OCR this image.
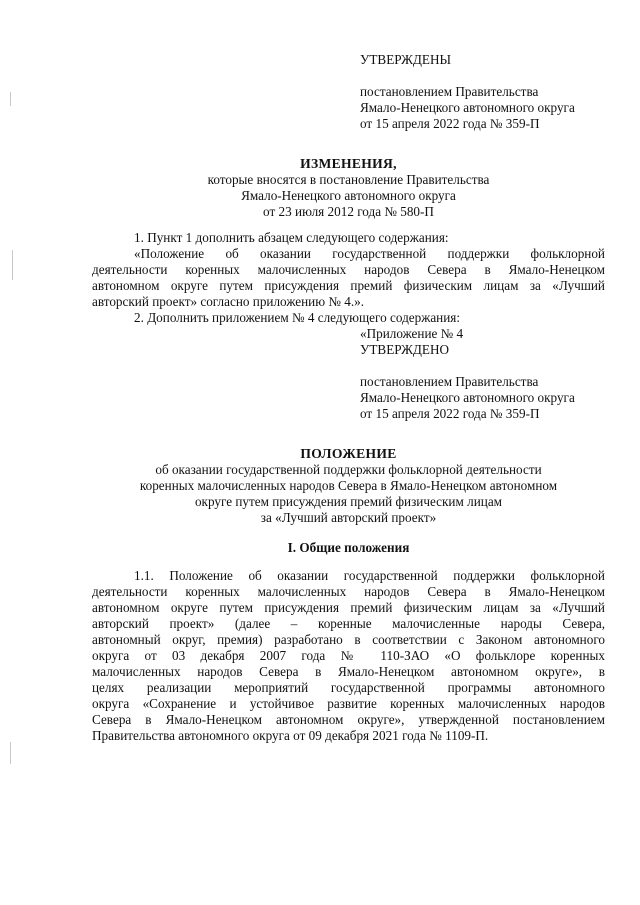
УТВЕРЖДЕНЫ
постановлением Правительства
Ямало-Ненецкого автономного округа
от 15 апреля 2022 года № 359-П
ИЗМЕНЕНИЯ,
которые вносятся в постановление Правительства
Ямало-Ненецкого автономного округа
от 23 июля 2012 года № 580-П
1. Пункт 1 дополнить абзацем следующего содержания:
«Положение об оказании государственной поддержки фольклорной
деятельности коренных малочисленных народов Севера в Ямало-Ненецком
автономном округе путем присуждения премий физическим лицам за «Лучший
авторский проект» согласно приложению № 4.».
2. Дополнить приложением № 4 следующего содержания:
«Приложение № 4
УТВЕРЖДЕНО
постановлением Правительства
Ямало-Ненецкого автономного округа
от 15 апреля 2022 года № 359-П
ПОЛОЖЕНИЕ
об оказании государственной поддержки фольклорной деятельности
коренных малочисленных народов Севера в Ямало-Ненецком автономном
округе путем присуждения премий физическим лицам
за «Лучший авторский проект»
I. Общие положения
1.1. Положение об оказании государственной поддержки фольклорной
деятельности коренных малочисленных народов Севера в Ямало-Ненецком
автономном округе путем присуждения премий физическим лицам за «Лучший
авторский проект» (далее – коренные малочисленные народы Севера,
автономный округ, премия) разработано в соответствии с Законом автономного
округа от 03 декабря 2007 года № 110-ЗАО «О фольклоре коренных
малочисленных народов Севера в Ямало-Ненецком автономном округе», в
целях реализации мероприятий государственной программы автономного
округа «Сохранение и устойчивое развитие коренных малочисленных народов
Севера в Ямало-Ненецком автономном округе», утвержденной постановлением
Правительства автономного округа от 09 декабря 2021 года № 1109-П.
